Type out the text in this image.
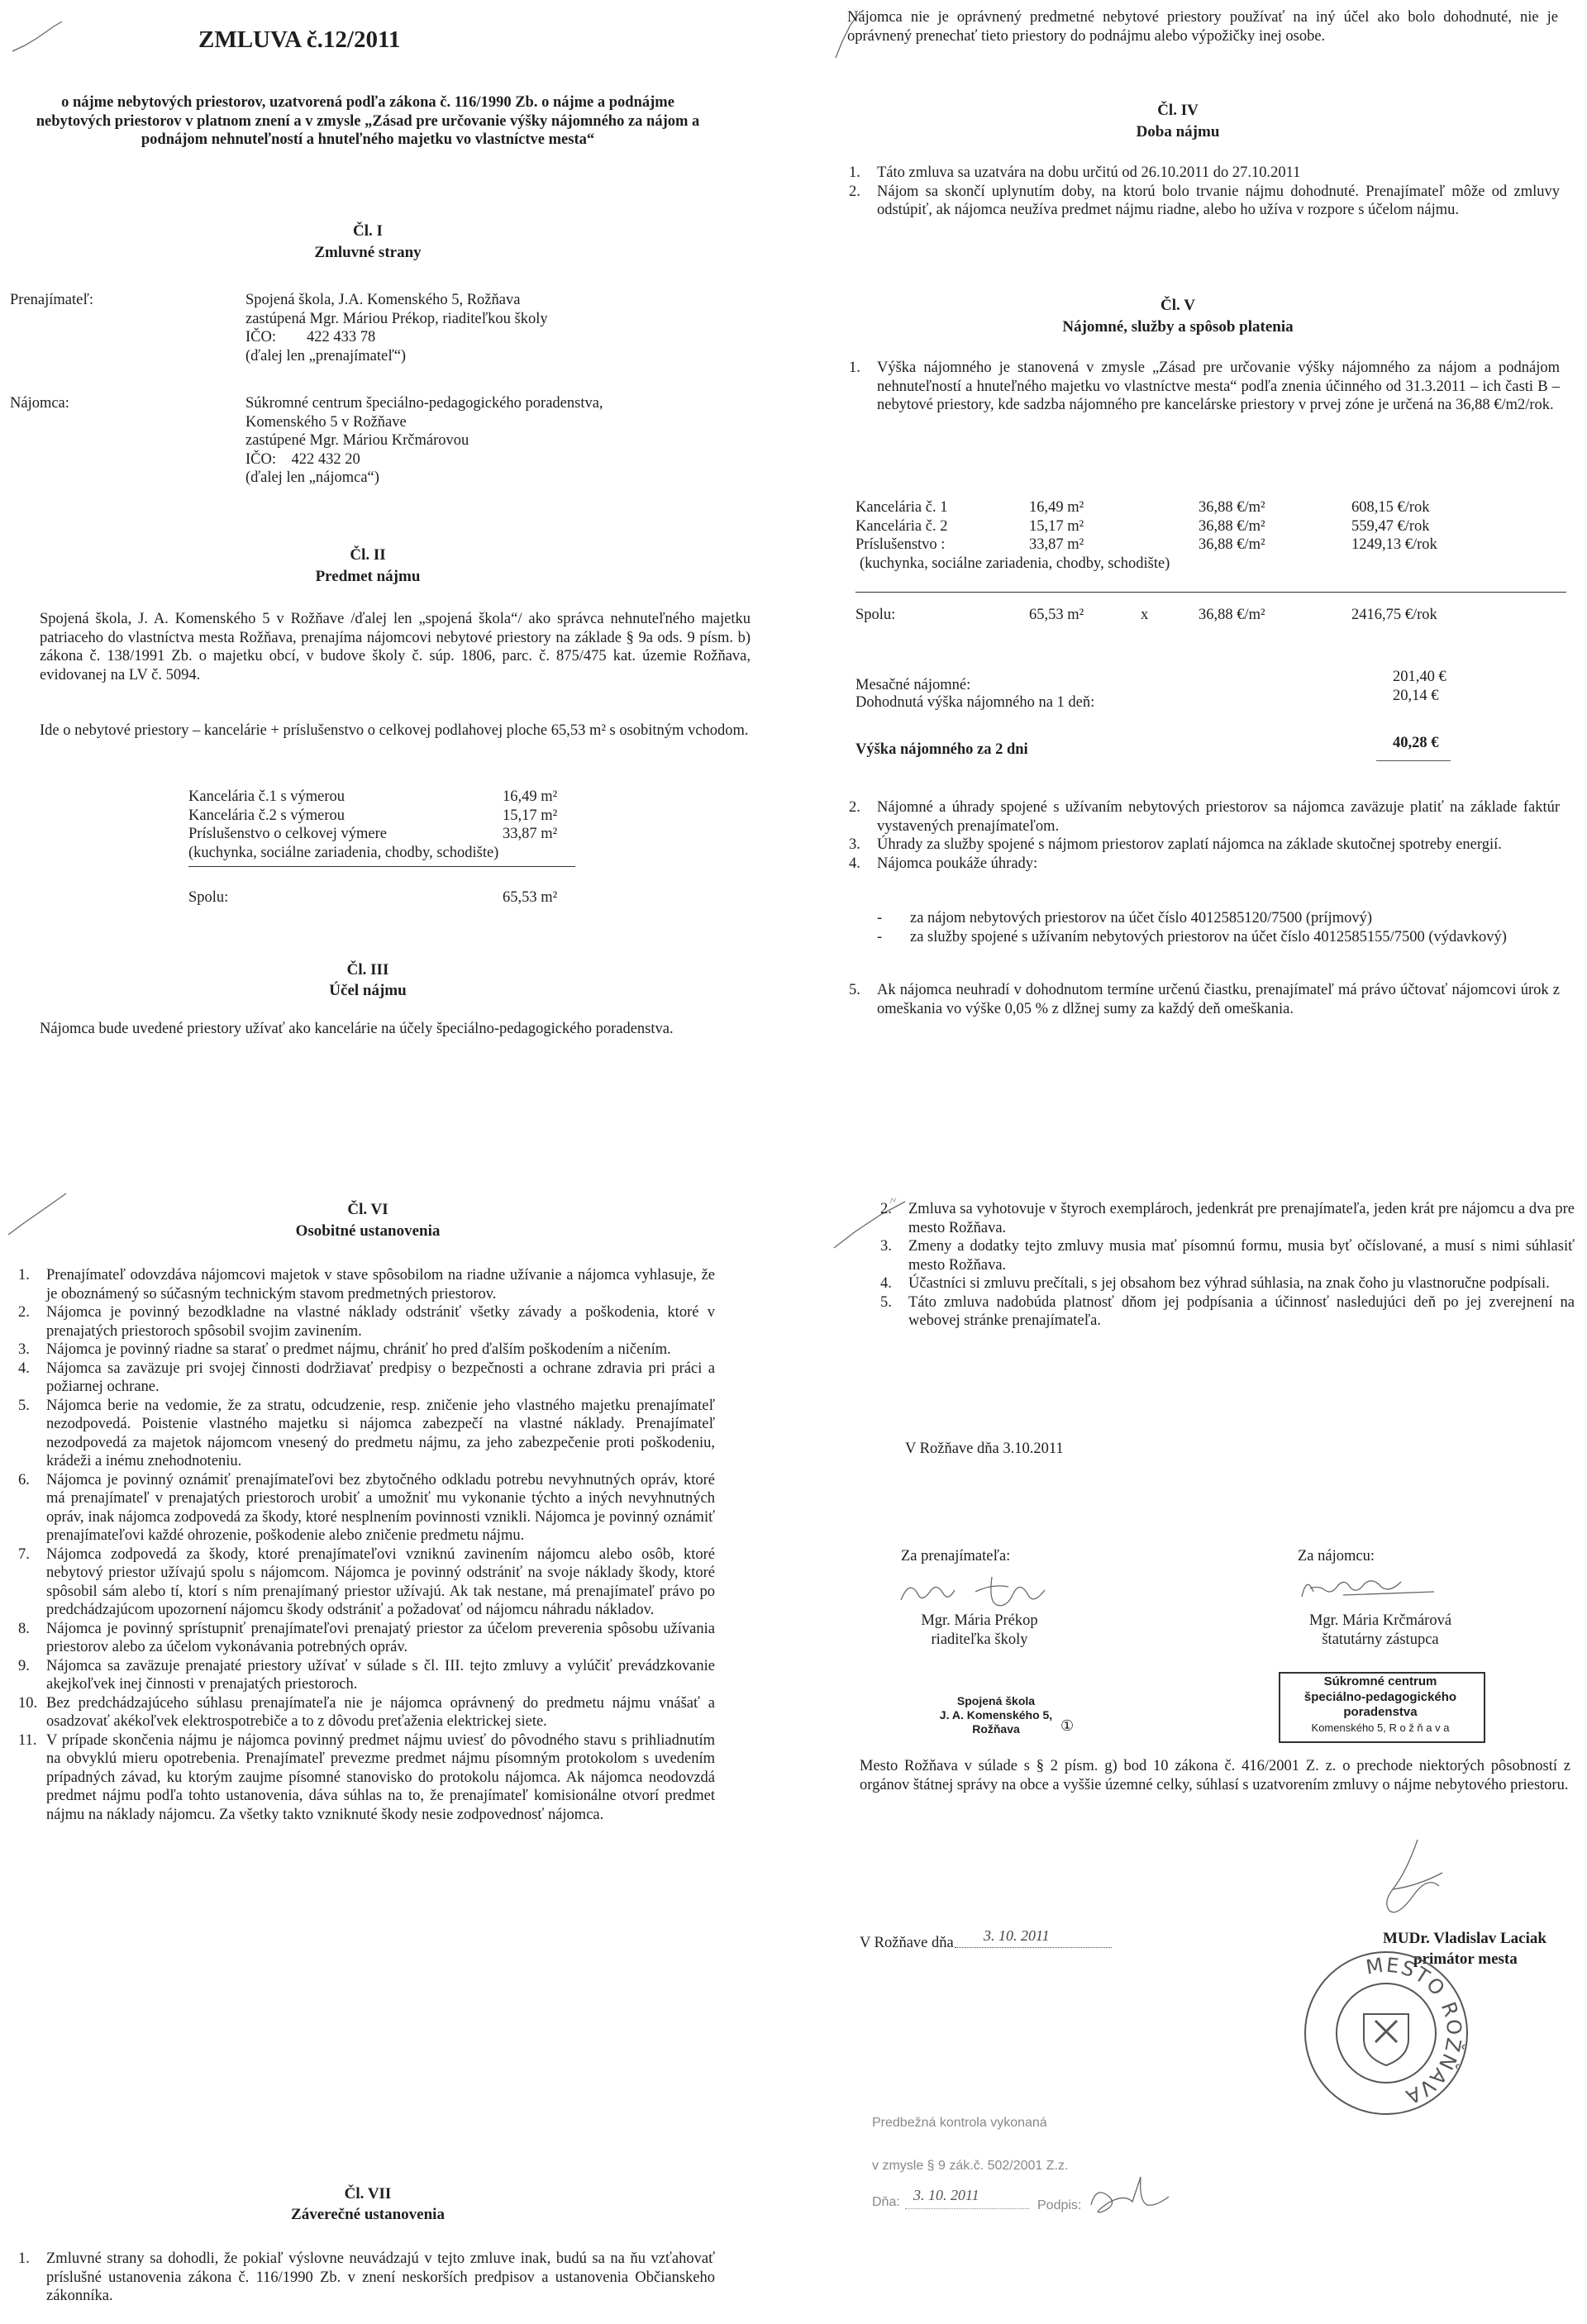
ZMLUVA č.12/2011
o nájme nebytových priestorov, uzatvorená podľa zákona č. 116/1990 Zb. o nájme a podnájme nebytových priestorov v platnom znení a v zmysle „Zásad pre určovanie výšky nájomného za nájom a podnájom nehnuteľností a hnuteľného majetku vo vlastníctve mesta“
Čl. I
Zmluvné strany
Prenajímateľ:	Spojená škola, J.A. Komenského 5, Rožňava
zastúpená Mgr. Máriou Prékop, riaditeľkou školy
IČO:        422 433 78
(ďalej len „prenajímateľ“)
Nájomca:	Súkromné centrum špeciálno-pedagogického poradenstva,
Komenského 5 v Rožňave
zastúpené Mgr. Máriou Krčmárovou
IČO:    422 432 20
(ďalej len „nájomca“)
Čl. II
Predmet nájmu
Spojená škola, J. A. Komenského 5 v Rožňave /ďalej len „spojená škola“/ ako správca nehnuteľného majetku patriaceho do vlastníctva mesta Rožňava, prenajíma nájomcovi nebytové priestory na základe § 9a ods. 9 písm. b) zákona č. 138/1991 Zb. o majetku obcí, v budove školy č. súp. 1806, parc. č. 875/475 kat. územie Rožňava, evidovanej na LV č. 5094.
Ide o nebytové priestory – kancelárie + príslušenstvo o celkovej podlahovej ploche 65,53 m² s osobitným vchodom.
Kancelária č.1 s výmerou	16,49 m²
Kancelária č.2 s výmerou	15,17 m²
Príslušenstvo o celkovej výmere	33,87 m²
(kuchynka, sociálne zariadenia, chodby, schodište)
Spolu:	65,53 m²
Čl. III
Účel nájmu
Nájomca bude uvedené priestory užívať ako kancelárie na účely špeciálno-pedagogického poradenstva.
Nájomca nie je oprávnený predmetné nebytové priestory používať na iný účel ako bolo dohodnuté, nie je oprávnený prenechať tieto priestory do podnájmu alebo výpožičky inej osobe.
Čl. IV
Doba nájmu
1. Táto zmluva sa uzatvára na dobu určitú od 26.10.2011 do 27.10.2011
2. Nájom sa skončí uplynutím doby, na ktorú bolo trvanie nájmu dohodnuté. Prenajímateľ môže od zmluvy odstúpiť, ak nájomca neužíva predmet nájmu riadne, alebo ho užíva v rozpore s účelom nájmu.
Čl. V
Nájomné, služby a spôsob platenia
1. Výška nájomného je stanovená v zmysle „Zásad pre určovanie výšky nájomného za nájom a podnájom nehnuteľností a hnuteľného majetku vo vlastníctve mesta“ podľa znenia účinného od 31.3.2011 – ich časti B – nebytové priestory, kde sadzba nájomného pre kancelárske priestory v prvej zóne je určená na 36,88 €/m2/rok.
Kancelária č. 1	16,49 m²	36,88 €/m²	608,15 €/rok
Kancelária č. 2	15,17 m²	36,88 €/m²	559,47 €/rok
Príslušenstvo :	33,87 m²	36,88 €/m²	1249,13 €/rok
(kuchynka, sociálne zariadenia, chodby, schodište)
Spolu:	65,53 m²	x	36,88 €/m²	2416,75 €/rok
Mesačné nájomné:	201,40 €
Dohodnutá výška nájomného na 1 deň:	20,14 €
Výška nájomného za 2 dni	40,28 €
2. Nájomné a úhrady spojené s užívaním nebytových priestorov sa nájomca zaväzuje platiť na základe faktúr vystavených prenajímateľom.
3. Úhrady za služby spojené s nájmom priestorov zaplatí nájomca na základe skutočnej spotreby energií.
4. Nájomca poukáže úhrady:
- za nájom nebytových priestorov na účet číslo 4012585120/7500 (príjmový)
- za služby spojené s užívaním nebytových priestorov na účet číslo 4012585155/7500 (výdavkový)
5. Ak nájomca neuhradí v dohodnutom termíne určenú čiastku, prenajímateľ má právo účtovať nájomcovi úrok z omeškania vo výške 0,05 % z dlžnej sumy za každý deň omeškania.
Čl. VI
Osobitné ustanovenia
1. Prenajímateľ odovzdáva nájomcovi majetok v stave spôsobilom na riadne užívanie a nájomca vyhlasuje, že je oboznámený so súčasným technickým stavom predmetných priestorov.
2. Nájomca je povinný bezodkladne na vlastné náklady odstrániť všetky závady a poškodenia, ktoré v prenajatých priestoroch spôsobil svojim zavinením.
3. Nájomca je povinný riadne sa starať o predmet nájmu, chrániť ho pred ďalším poškodením a ničením.
4. Nájomca sa zaväzuje pri svojej činnosti dodržiavať predpisy o bezpečnosti a ochrane zdravia pri práci a požiarnej ochrane.
5. Nájomca berie na vedomie, že za stratu, odcudzenie, resp. zničenie jeho vlastného majetku prenajímateľ nezodpovedá. Poistenie vlastného majetku si nájomca zabezpečí na vlastné náklady. Prenajímateľ nezodpovedá za majetok nájomcom vnesený do predmetu nájmu, za jeho zabezpečenie proti poškodeniu, krádeži a inému znehodnoteniu.
6. Nájomca je povinný oznámiť prenajímateľovi bez zbytočného odkladu potrebu nevyhnutných opráv, ktoré má prenajímateľ v prenajatých priestoroch urobiť a umožniť mu vykonanie týchto a iných nevyhnutných opráv, inak nájomca zodpovedá za škody, ktoré nesplnením povinnosti vznikli. Nájomca je povinný oznámiť prenajímateľovi každé ohrozenie, poškodenie alebo zničenie predmetu nájmu.
7. Nájomca zodpovedá za škody, ktoré prenajímateľovi vzniknú zavinením nájomcu alebo osôb, ktoré nebytový priestor užívajú spolu s nájomcom. Nájomca je povinný odstrániť na svoje náklady škody, ktoré spôsobil sám alebo tí, ktorí s ním prenajímaný priestor užívajú. Ak tak nestane, má prenajímateľ právo po predchádzajúcom upozornení nájomcu škody odstrániť a požadovať od nájomcu náhradu nákladov.
8. Nájomca je povinný sprístupniť prenajímateľovi prenajatý priestor za účelom preverenia spôsobu užívania priestorov alebo za účelom vykonávania potrebných opráv.
9. Nájomca sa zaväzuje prenajaté priestory užívať v súlade s čl. III. tejto zmluvy a vylúčiť prevádzkovanie akejkoľvek inej činnosti v prenajatých priestoroch.
10. Bez predchádzajúceho súhlasu prenajímateľa nie je nájomca oprávnený do predmetu nájmu vnášať a osadzovať akékoľvek elektrospotrebiče a to z dôvodu preťaženia elektrickej siete.
11. V prípade skončenia nájmu je nájomca povinný predmet nájmu uviesť do pôvodného stavu s prihliadnutím na obvyklú mieru opotrebenia. Prenajímateľ prevezme predmet nájmu písomným protokolom s uvedením prípadných závad, ku ktorým zaujme písomné stanovisko do protokolu nájomca. Ak nájomca neodovzdá predmet nájmu podľa tohto ustanovenia, dáva súhlas na to, že prenajímateľ komisionálne otvorí predmet nájmu na náklady nájomcu. Za všetky takto vzniknuté škody nesie zodpovednosť nájomca.
Čl. VII
Záverečné ustanovenia
1. Zmluvné strany sa dohodli, že pokiaľ výslovne neuvádzajú v tejto zmluve inak, budú sa na ňu vzťahovať príslušné ustanovenia zákona č. 116/1990 Zb. v znení neskorších predpisov a ustanovenia Občianskeho zákonníka.
2. Zmluva sa vyhotovuje v štyroch exemplároch, jedenkrát pre prenajímateľa, jeden krát pre nájomcu a dva pre mesto Rožňava.
3. Zmeny a dodatky tejto zmluvy musia mať písomnú formu, musia byť očíslované, a musí s nimi súhlasiť mesto Rožňava.
4. Účastníci si zmluvu prečítali, s jej obsahom bez výhrad súhlasia, na znak čoho ju vlastnoručne podpísali.
5. Táto zmluva nadobúda platnosť dňom jej podpísania a účinnosť nasledujúci deň po jej zverejnení na webovej stránke prenajímateľa.
V Rožňave dňa 3.10.2011
Za prenajímateľa:
Mgr. Mária Prékop
riaditeľka školy
Spojená škola
J. A. Komenského 5,
Rožňava	①
Za nájomcu:
Mgr. Mária Krčmárová
štatutárny zástupca
Súkromné centrum
špeciálno-pedagogického
poradenstva
Komenského 5, R o ž ň a v a
Mesto Rožňava v súlade s § 2 písm. g) bod 10 zákona č. 416/2001 Z. z. o prechode niektorých pôsobností z orgánov štátnej správy na obce a vyššie územné celky, súhlasí s uzatvorením zmluvy o nájme nebytového priestoru.
V Rožňave dňa 3. 10. 2011	MUDr. Vladislav Laciak
primátor mesta
MESTO ROŽŇAVA
Predbežná kontrola vykonaná
v zmysle § 9 zák.č. 502/2001 Z.z.
Dňa: 3. 10. 2011
Podpis:
